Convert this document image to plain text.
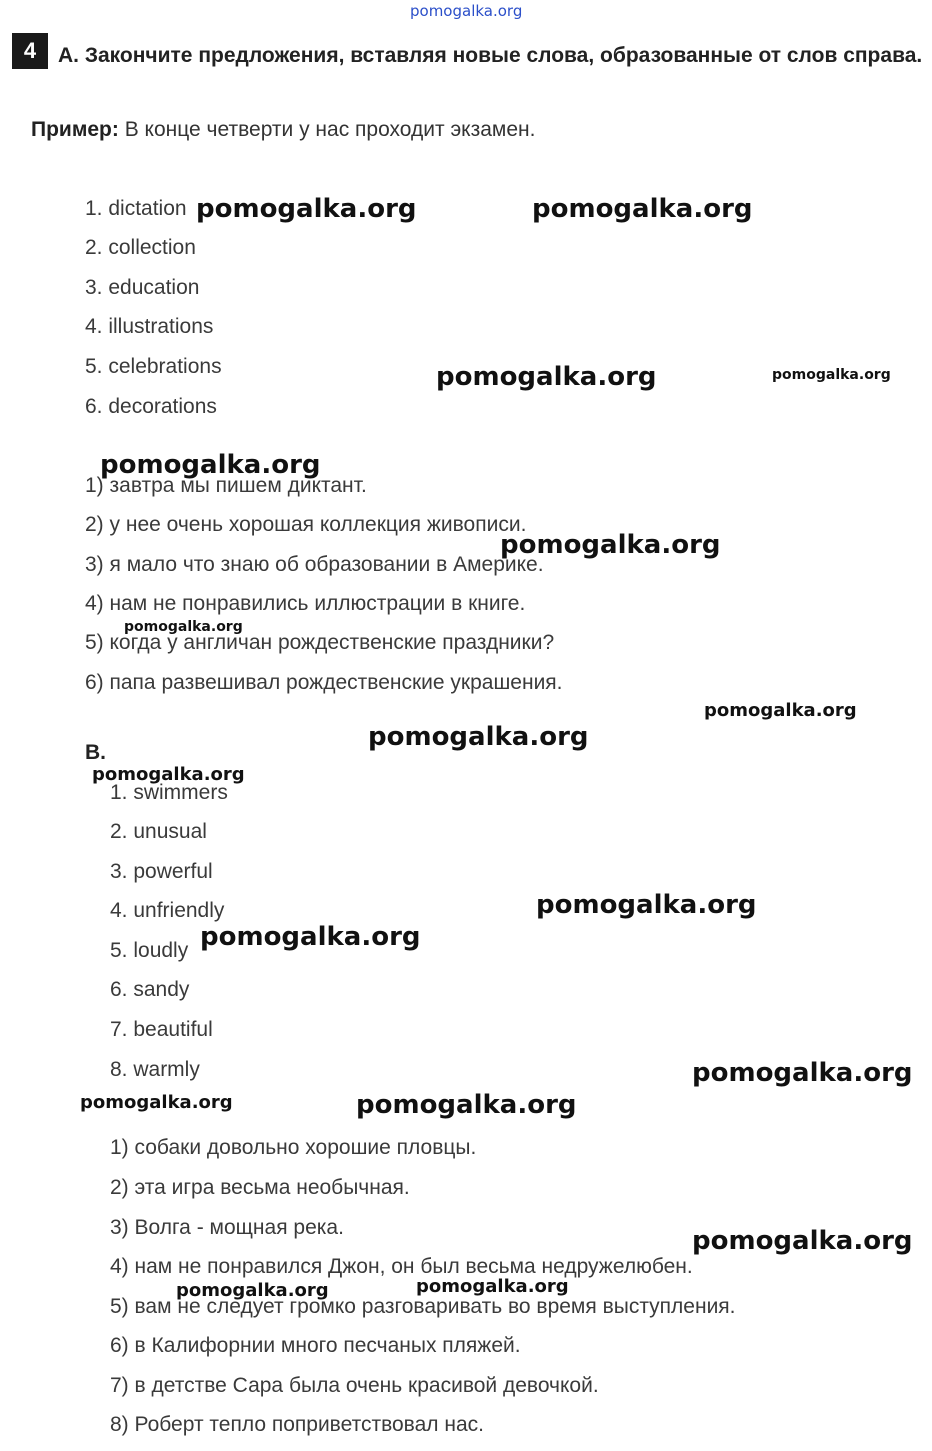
pomogalka.org
4	A. Закончите предложения, вставляя новые слова, образованные от слов справа.
Пример: В конце четверти у нас проходит экзамен.
1. dictation
2. collection
3. education
4. illustrations
5. celebrations
6. decorations
1) завтра мы пишем диктант.
2) у нее очень хорошая коллекция живописи.
3) я мало что знаю об образовании в Америке.
4) нам не понравились иллюстрации в книге.
5) когда у англичан рождественские праздники?
6) папа развешивал рождественские украшения.
B.
1. swimmers
2. unusual
3. powerful
4. unfriendly
5. loudly
6. sandy
7. beautiful
8. warmly
1) собаки довольно хорошие пловцы.
2) эта игра весьма необычная.
3) Волга - мощная река.
4) нам не понравился Джон, он был весьма недружелюбен.
5) вам не следует громко разговаривать во время выступления.
6) в Калифорнии много песчаных пляжей.
7) в детстве Сара была очень красивой девочкой.
8) Роберт тепло поприветствовал нас.
pomogalka.org	pomogalka.org
pomogalka.org	pomogalka.org
pomogalka.org
pomogalka.org
pomogalka.org
pomogalka.org
pomogalka.org
pomogalka.org
pomogalka.org
pomogalka.org
pomogalka.org
pomogalka.org	pomogalka.org
pomogalka.org
pomogalka.org	pomogalka.org
